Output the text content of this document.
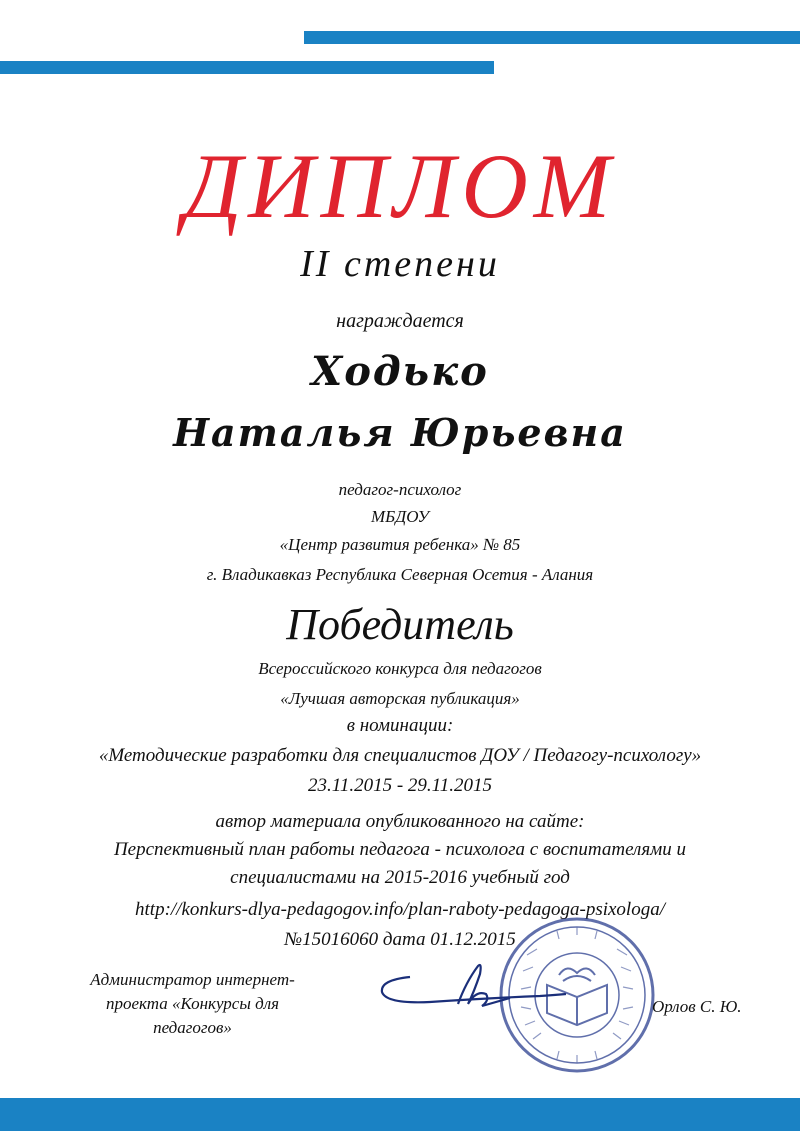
ДИПЛОМ
II степени
награждается
Ходько
Наталья Юрьевна
педагог-психолог
МБДОУ
«Центр развития ребенка» № 85
г. Владикавказ Республика Северная Осетия - Алания
Победитель
Всероссийского конкурса для педагогов
«Лучшая авторская публикация»
в номинации:
«Методические разработки для специалистов ДОУ / Педагогу-психологу»
23.11.2015 - 29.11.2015
автор материала опубликованного на сайте:
Перспективный план работы педагога - психолога с воспитателями и
специалистами на 2015-2016 учебный год
http://konkurs-dlya-pedagogov.info/plan-raboty-pedagoga-psixologa/
№15016060 дата 01.12.2015
Администратор интернет-
проекта «Конкурсы для
педагогов»
Орлов С. Ю.
